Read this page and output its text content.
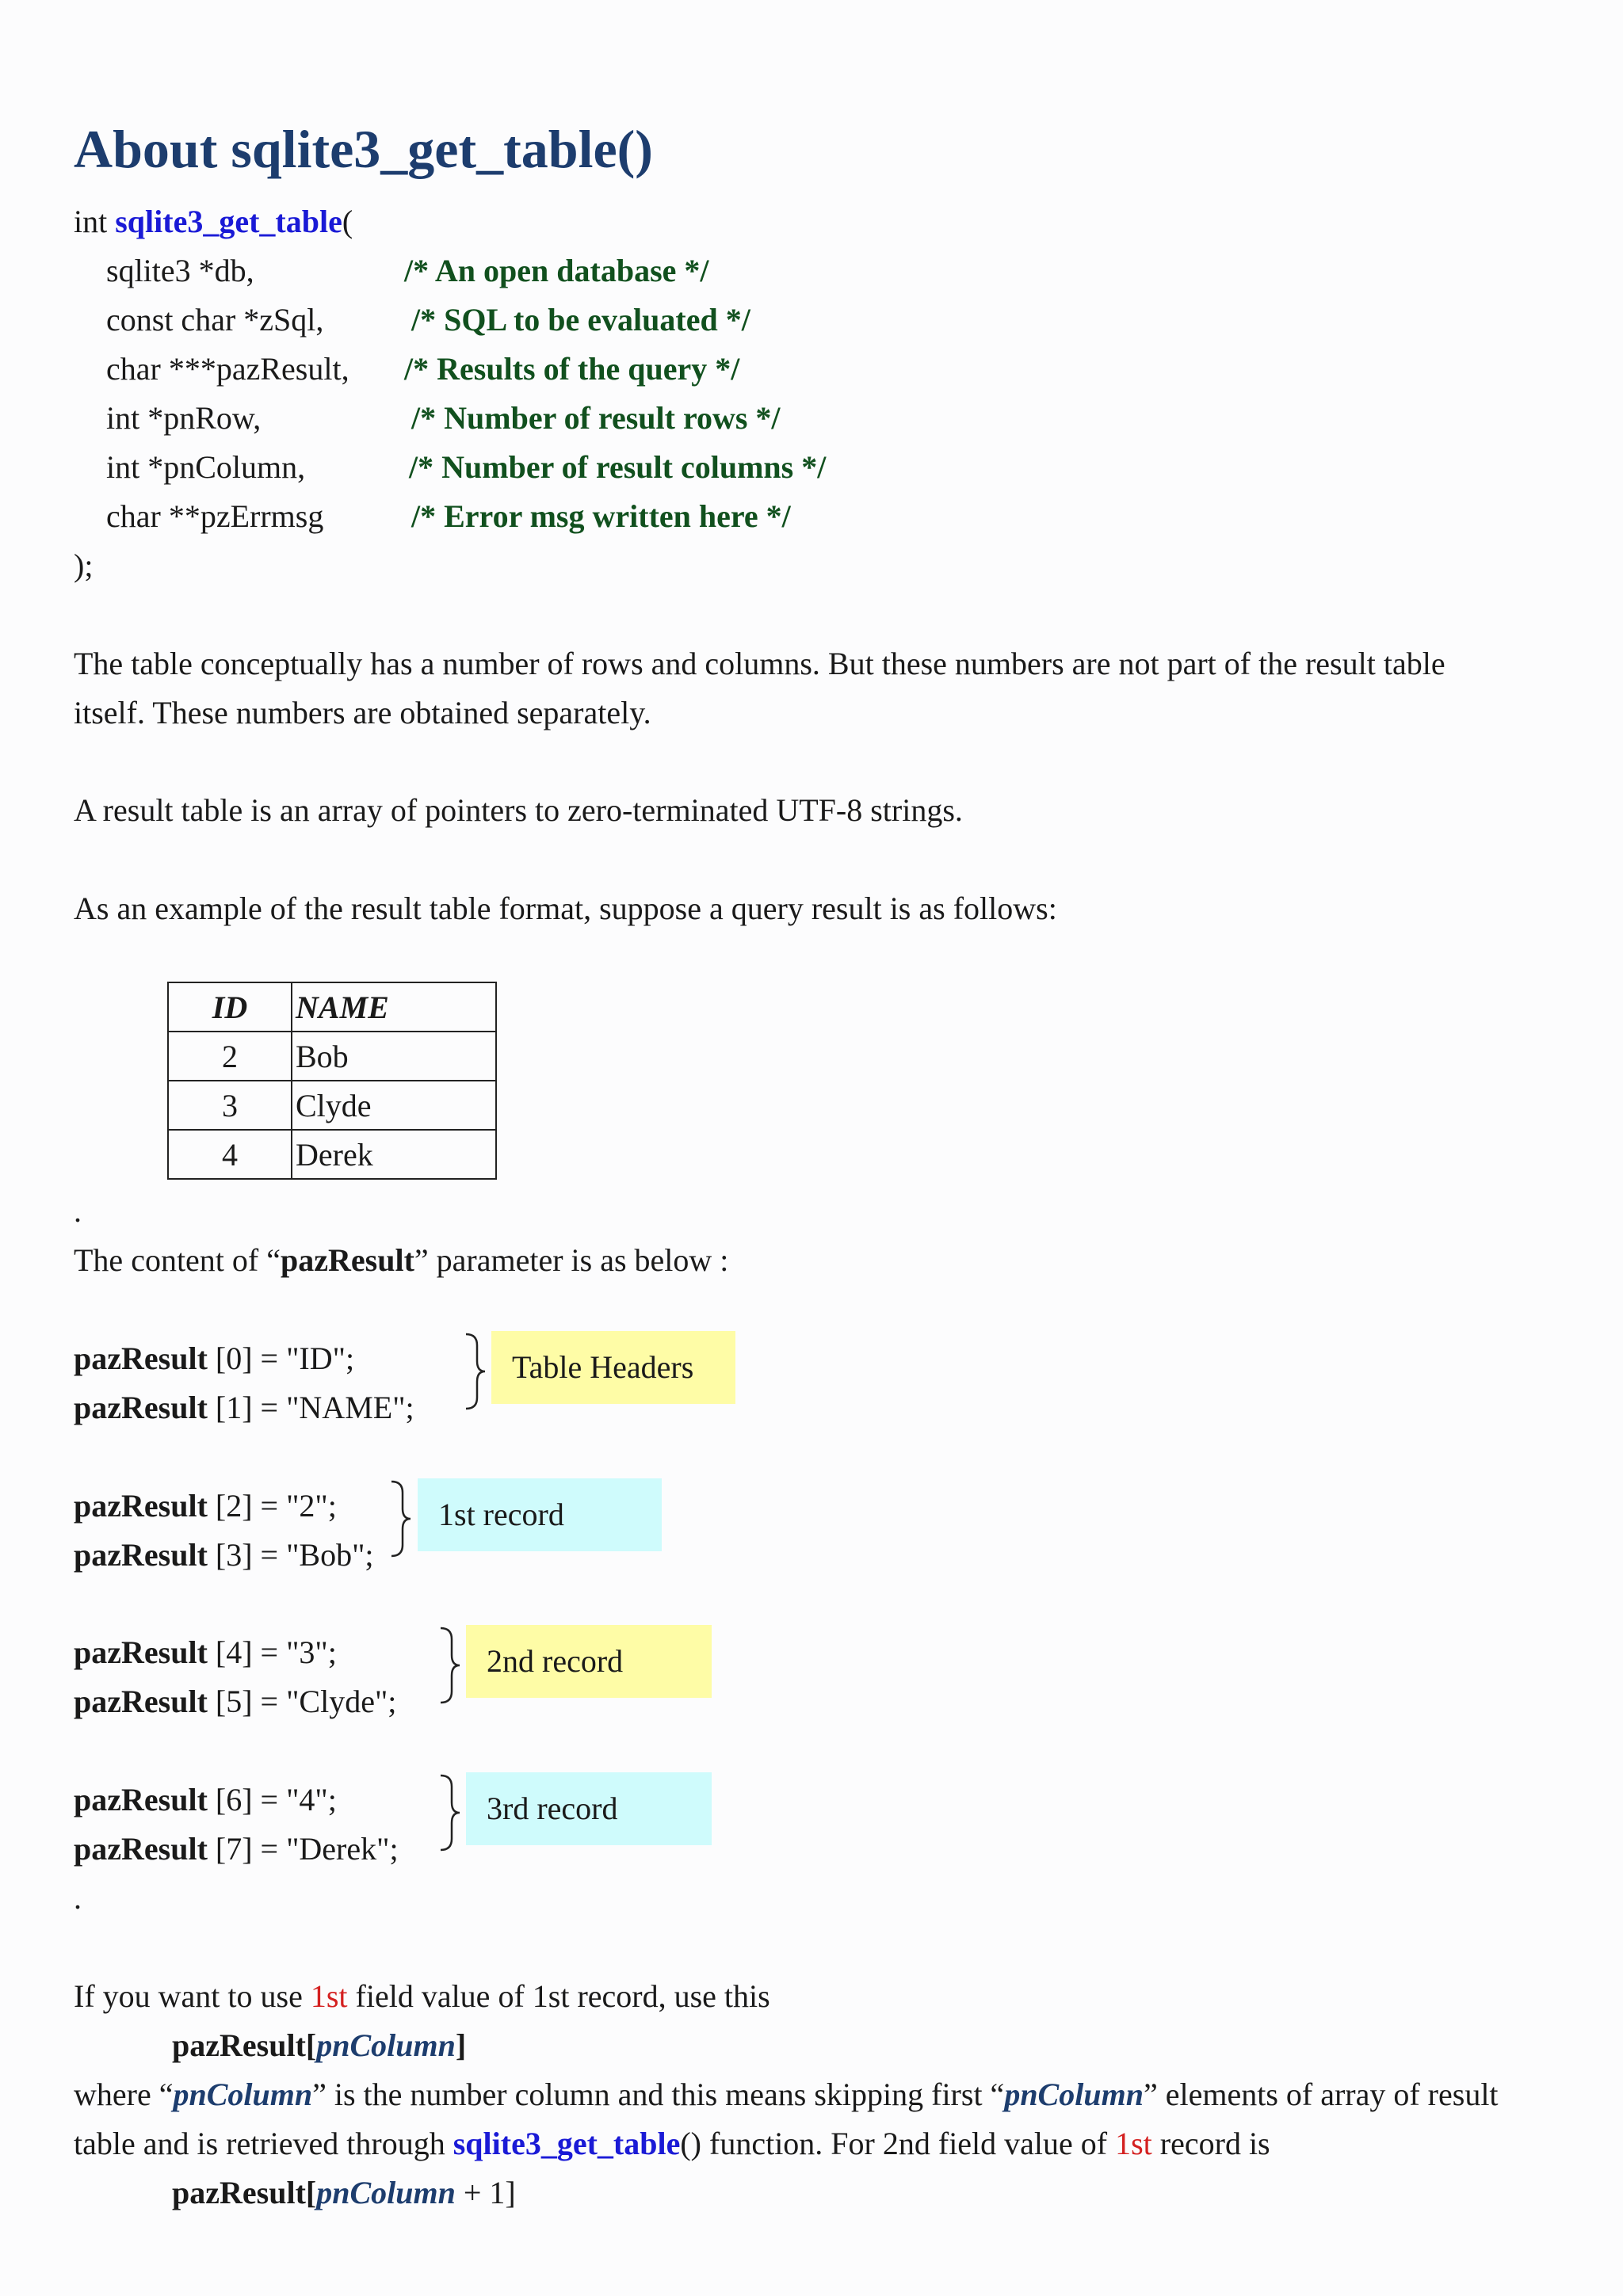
About sqlite3_get_table()
int sqlite3_get_table(
sqlite3 *db,	/* An open database */
const char *zSql,	/* SQL to be evaluated */
char ***pazResult, /* Results of the query */
int *pnRow,	/* Number of result rows */
int *pnColumn,	/* Number of result columns */
char **pzErrmsg	/* Error msg written here */
);
The table conceptually has a number of rows and columns. But these numbers are not part of the result table
itself. These numbers are obtained separately.
A result table is an array of pointers to zero-terminated UTF-8 strings.
As an example of the result table format, suppose a query result is as follows:
ID	NAME
2	Bob
3	Clyde
4	Derek
.
The content of “pazResult” parameter is as below :
pazResult [0] = "ID";
pazResult [1] = "NAME";
Table Headers
pazResult [2] = "2";
pazResult [3] = "Bob";
1st record
pazResult [4] = "3";
pazResult [5] = "Clyde";
2nd record
pazResult [6] = "4";
pazResult [7] = "Derek";
3rd record
.
If you want to use 1st field value of 1st record, use this
pazResult[pnColumn]
where “pnColumn” is the number column and this means skipping first “pnColumn” elements of array of result
table and is retrieved through sqlite3_get_table() function. For 2nd field value of 1st record is
pazResult[pnColumn + 1]
